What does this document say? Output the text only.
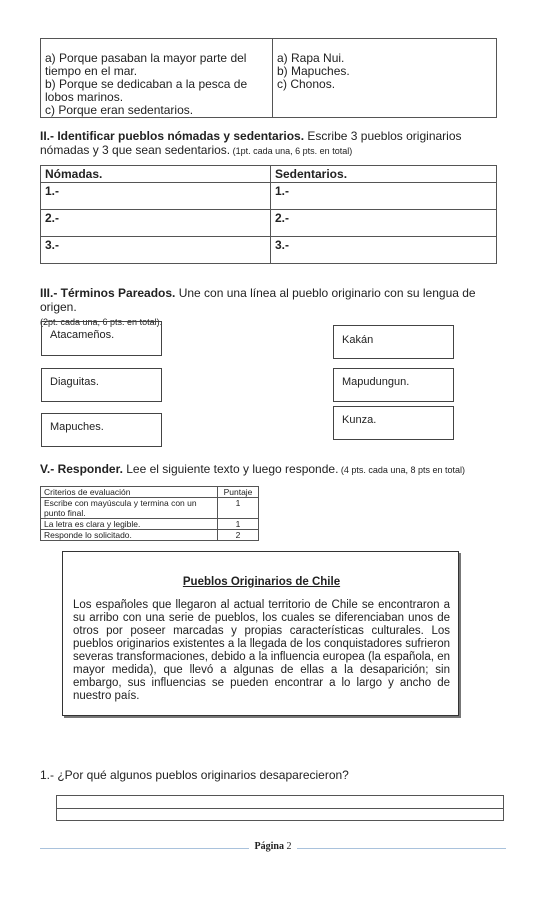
a) Porque pasaban la mayor parte del
tiempo en el mar.
b) Porque se dedicaban a la pesca de
lobos marinos.
c) Porque eran sedentarios.

a) Rapa Nui.
b) Mapuches.
c) Chonos.
II.- Identificar pueblos nómadas y sedentarios. Escribe 3 pueblos originarios nómadas y 3 que sean sedentarios. (1pt. cada una, 6 pts. en total)
Nómadas.	Sedentarios.
1.-	1.-
2.-	2.-
3.-	3.-
III.- Términos Pareados. Une con una línea al pueblo originario con su lengua de origen.
(2pt. cada una, 6 pts. en total).
Atacameños.
Diaguitas.
Mapuches.
Kakán
Mapudungun.
Kunza.
V.- Responder. Lee el siguiente texto y luego responde. (4 pts. cada una, 8 pts en total)
Criterios de evaluación	Puntaje
Escribe con mayúscula y termina con un punto final.	1
La letra es clara y legible.	1
Responde lo solicitado.	2
Pueblos Originarios de Chile

Los españoles que llegaron al actual territorio de Chile se encontraron a su arribo con una serie de pueblos, los cuales se diferenciaban unos de otros por poseer marcadas y propias características culturales. Los pueblos originarios existentes a la llegada de los conquistadores sufrieron severas transformaciones, debido a la influencia europea (la española, en mayor medida), que llevó a algunas de ellas a la desaparición; sin embargo, sus influencias se pueden encontrar a lo largo y ancho de nuestro país.

1.- ¿Por qué algunos pueblos originarios desaparecieron?
Página 2
